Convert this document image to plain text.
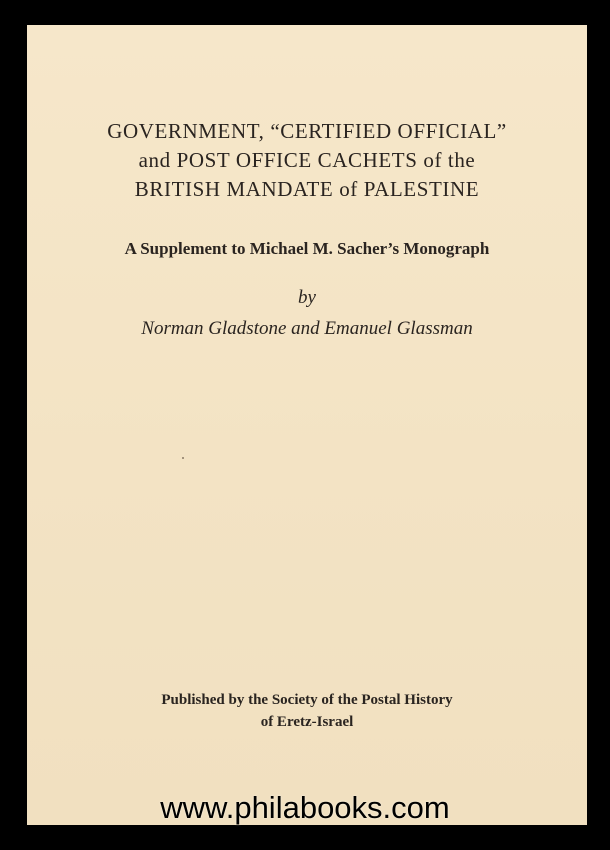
GOVERNMENT, “CERTIFIED OFFICIAL”
and POST OFFICE CACHETS of the
BRITISH MANDATE of PALESTINE
A Supplement to Michael M. Sacher’s Monograph
by
Norman Gladstone and Emanuel Glassman
Published by the Society of the Postal History
of Eretz-Israel
www.philabooks.com
